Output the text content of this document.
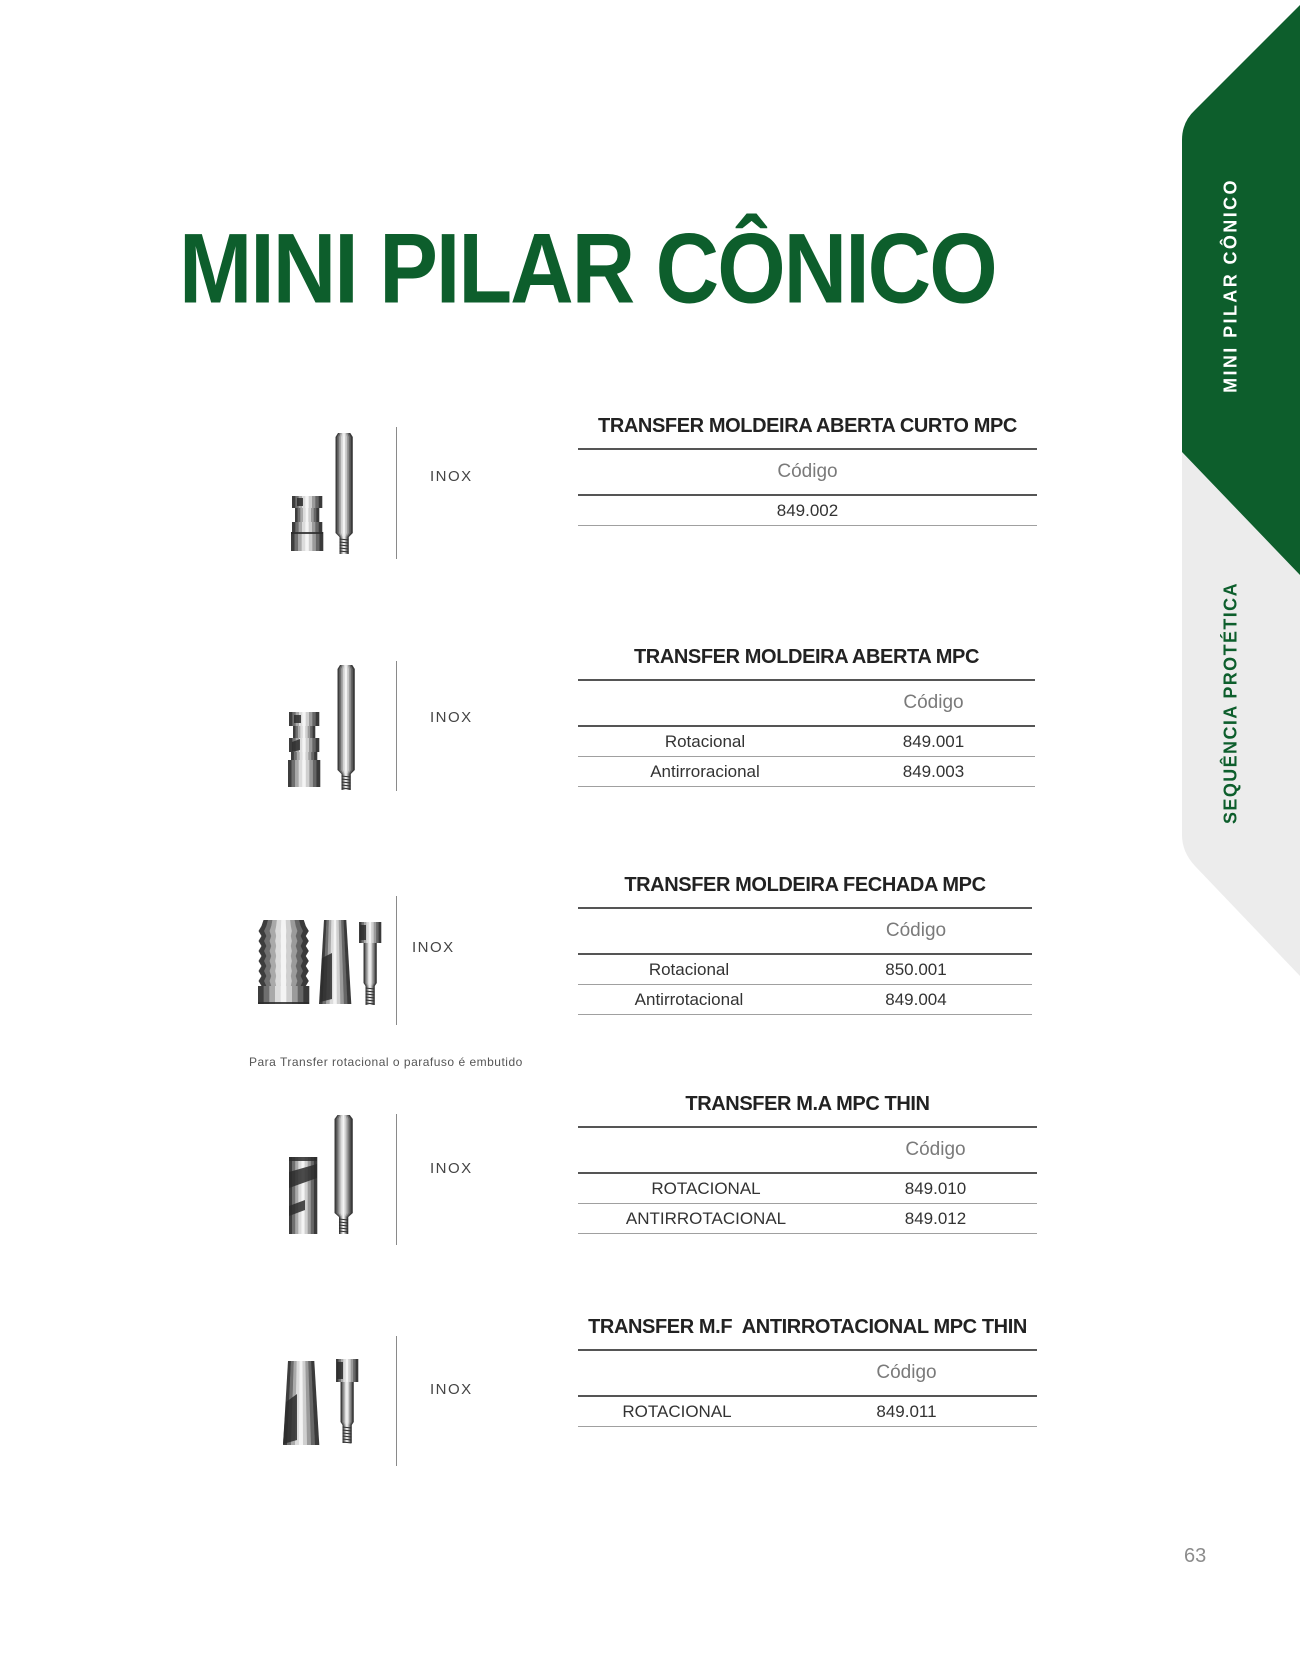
MINI PILAR CÔNICO	MINI PILAR CÔNICO
SEQUÊNCIA PROTÉTICA
INOX
TRANSFER MOLDEIRA ABERTA CURTO MPC
Código
849.002
INOX
TRANSFER MOLDEIRA ABERTA MPC
Código
Rotacional	849.001
Antirroracional	849.003
INOX
TRANSFER MOLDEIRA FECHADA MPC
Código
Rotacional	850.001
Antirrotacional	849.004
Para Transfer rotacional o parafuso é embutido
INOX
TRANSFER M.A MPC THIN
Código
ROTACIONAL	849.010
ANTIRROTACIONAL	849.012
INOX
TRANSFER M.F  ANTIRROTACIONAL MPC THIN
Código
ROTACIONAL	849.011
63
